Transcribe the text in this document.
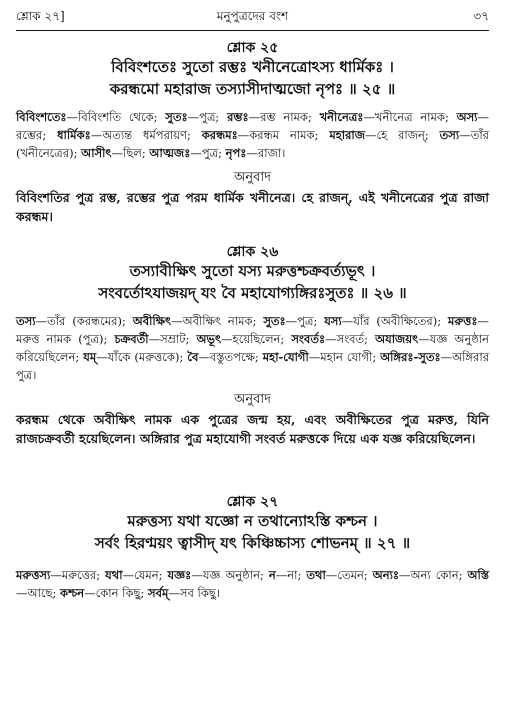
শ্লোক ২৭]	মনুপুত্রদের বংশ	৩৭
শ্লোক ২৫
বিবিংশতেঃ সুতো রম্ভঃ খনীনেত্রোঽস্য ধার্মিকঃ ।
করন্ধমো মহারাজ তস্যাসীদাত্মজো নৃপঃ ॥ ২৫ ॥
বিবিংশতেঃ—বিবিংশতি থেকে; সুতঃ—পুত্র; রম্ভঃ—রম্ভ নামক; খনীনেত্রঃ—খনীনেত্র নামক; অস্য—রম্ভের; ধার্মিকঃ—অত্যন্ত ধর্মপরায়ণ; করন্ধমঃ—করন্ধম নামক; মহারাজ—হে রাজন্; তস্য—তাঁর (খনীনেত্রের); আসীৎ—ছিল; আত্মজঃ—পুত্র; নৃপঃ—রাজা।
অনুবাদ
বিবিংশতির পুত্র রম্ভ, রম্ভের পুত্র পরম ধার্মিক খনীনেত্র। হে রাজন্, এই খনীনেত্রের পুত্র রাজা করন্ধম।
শ্লোক ২৬
তস্যাবীক্ষিৎ সুতো যস্য মরুত্তশ্চক্রবর্ত্যভূৎ ।
সংবর্তোঽযাজয়দ্ যং বৈ মহাযোগ্যঙ্গিরঃসুতঃ ॥ ২৬ ॥
তস্য—তাঁর (করন্ধমের); অবীক্ষিৎ—অবীক্ষিৎ নামক; সুতঃ—পুত্র; যস্য—যাঁর (অবীক্ষিতের); মরুত্তঃ—মরুত্ত নামক (পুত্র); চক্রবর্তী—সম্রাট; অভূৎ—হয়েছিলেন; সংবর্তঃ—সংবর্ত; অযাজয়ৎ—যজ্ঞ অনুষ্ঠান করিয়েছিলেন; যম্—যাঁকে (মরুত্তকে); বৈ—বস্তুতপক্ষে; মহা-যোগী—মহান যোগী; অঙ্গিরঃ-সুতঃ—অঙ্গিরার পুত্র।
অনুবাদ
করন্ধম থেকে অবীক্ষিৎ নামক এক পুত্রের জন্ম হয়, এবং অবীক্ষিতের পুত্র মরুত্ত, যিনি রাজচক্রবর্তী হয়েছিলেন। অঙ্গিরার পুত্র মহাযোগী সংবর্ত মরুত্তকে দিয়ে এক যজ্ঞ করিয়েছিলেন।
শ্লোক ২৭
মরুত্তস্য যথা যজ্ঞো ন তথান্যোঽস্তি কশ্চন ।
সর্বং হিরণ্ময়ং ত্বাসীদ্ যৎ কিঞ্চিচ্চাস্য শোভনম্ ॥ ২৭ ॥
মরুত্তস্য—মরুত্তের; যথা—যেমন; যজ্ঞঃ—যজ্ঞ অনুষ্ঠান; ন—না; তথা—তেমন; অন্যঃ—অন্য কোন; অস্তি—আছে; কশ্চন—কোন কিছু; সর্বম্—সব কিছু।
